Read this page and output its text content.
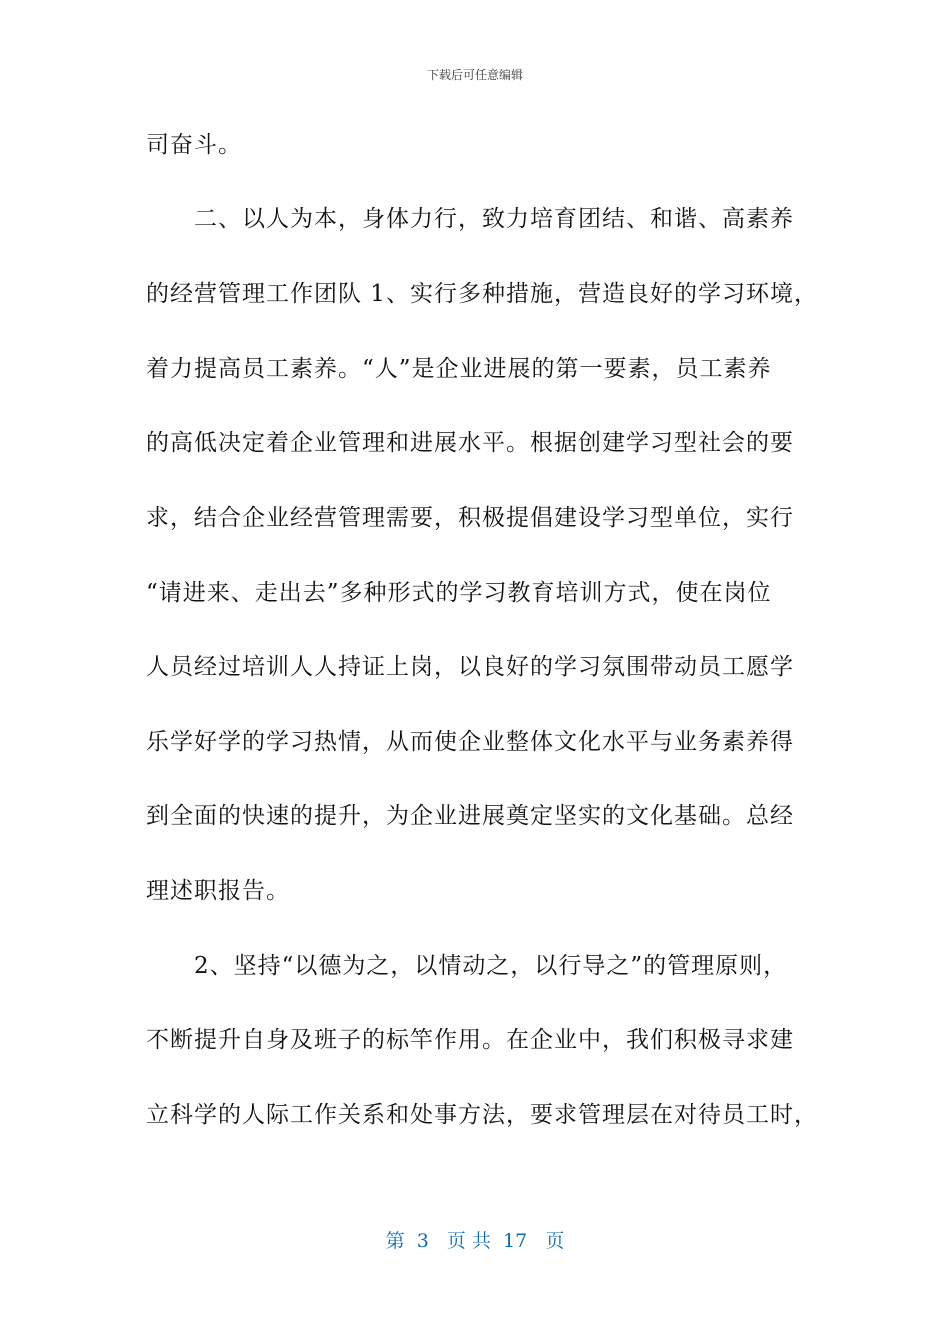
下载后可任意编辑
司奋斗。
二、以人为本，身体力行，致力培育团结、和谐、高素养
的经营管理工作团队 1、实行多种措施，营造良好的学习环境，
着力提高员工素养。“人”是企业进展的第一要素，员工素养
的高低决定着企业管理和进展水平。根据创建学习型社会的要
求，结合企业经营管理需要，积极提倡建设学习型单位，实行
“请进来、走出去”多种形式的学习教育培训方式，使在岗位
人员经过培训人人持证上岗，以良好的学习氛围带动员工愿学
乐学好学的学习热情，从而使企业整体文化水平与业务素养得
到全面的快速的提升，为企业进展奠定坚实的文化基础。总经
理述职报告。
2、坚持“以德为之，以情动之，以行导之”的管理原则，
不断提升自身及班子的标竿作用。在企业中，我们积极寻求建
立科学的人际工作关系和处事方法，要求管理层在对待员工时，
第  3   页 共  17   页
